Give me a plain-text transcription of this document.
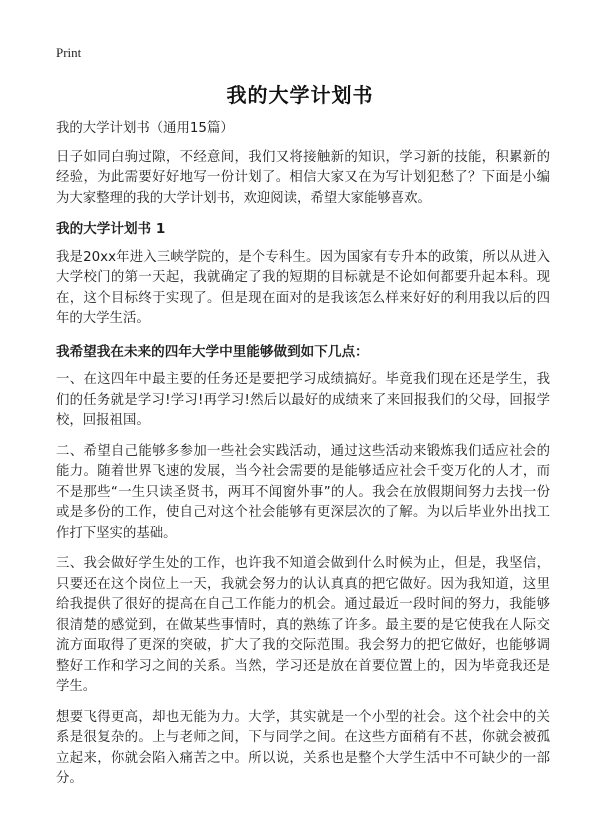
Print
我的大学计划书

我的大学计划书（通用15篇）

日子如同白驹过隙，不经意间，我们又将接触新的知识，学习新的技能，积累新的经验，为此需要好好地写一份计划了。相信大家又在为写计划犯愁了？下面是小编为大家整理的我的大学计划书，欢迎阅读，希望大家能够喜欢。

我的大学计划书 1

我是20xx年进入三峡学院的，是个专科生。因为国家有专升本的政策，所以从进入大学校门的第一天起，我就确定了我的短期的目标就是不论如何都要升起本科。现在，这个目标终于实现了。但是现在面对的是我该怎么样来好好的利用我以后的四年的大学生活。

我希望我在未来的四年大学中里能够做到如下几点：

一、在这四年中最主要的任务还是要把学习成绩搞好。毕竟我们现在还是学生，我们的任务就是学习!学习!再学习!然后以最好的成绩来了来回报我们的父母，回报学校，回报祖国。

二、希望自己能够多参加一些社会实践活动，通过这些活动来锻炼我们适应社会的能力。随着世界飞速的发展，当今社会需要的是能够适应社会千变万化的人才，而不是那些“一生只读圣贤书，两耳不闻窗外事”的人。我会在放假期间努力去找一份或是多份的工作，使自己对这个社会能够有更深层次的了解。为以后毕业外出找工作打下坚实的基础。

三、我会做好学生处的工作，也许我不知道会做到什么时候为止，但是，我坚信，只要还在这个岗位上一天，我就会努力的认认真真的把它做好。因为我知道，这里给我提供了很好的提高在自己工作能力的机会。通过最近一段时间的努力，我能够很清楚的感觉到，在做某些事情时，真的熟练了许多。最主要的是它使我在人际交流方面取得了更深的突破，扩大了我的交际范围。我会努力的把它做好，也能够调整好工作和学习之间的关系。当然，学习还是放在首要位置上的，因为毕竟我还是学生。

想要飞得更高，却也无能为力。大学，其实就是一个小型的社会。这个社会中的关系是很复杂的。上与老师之间，下与同学之间。在这些方面稍有不甚，你就会被孤立起来，你就会陷入痛苦之中。所以说，关系也是整个大学生活中不可缺少的一部分。
